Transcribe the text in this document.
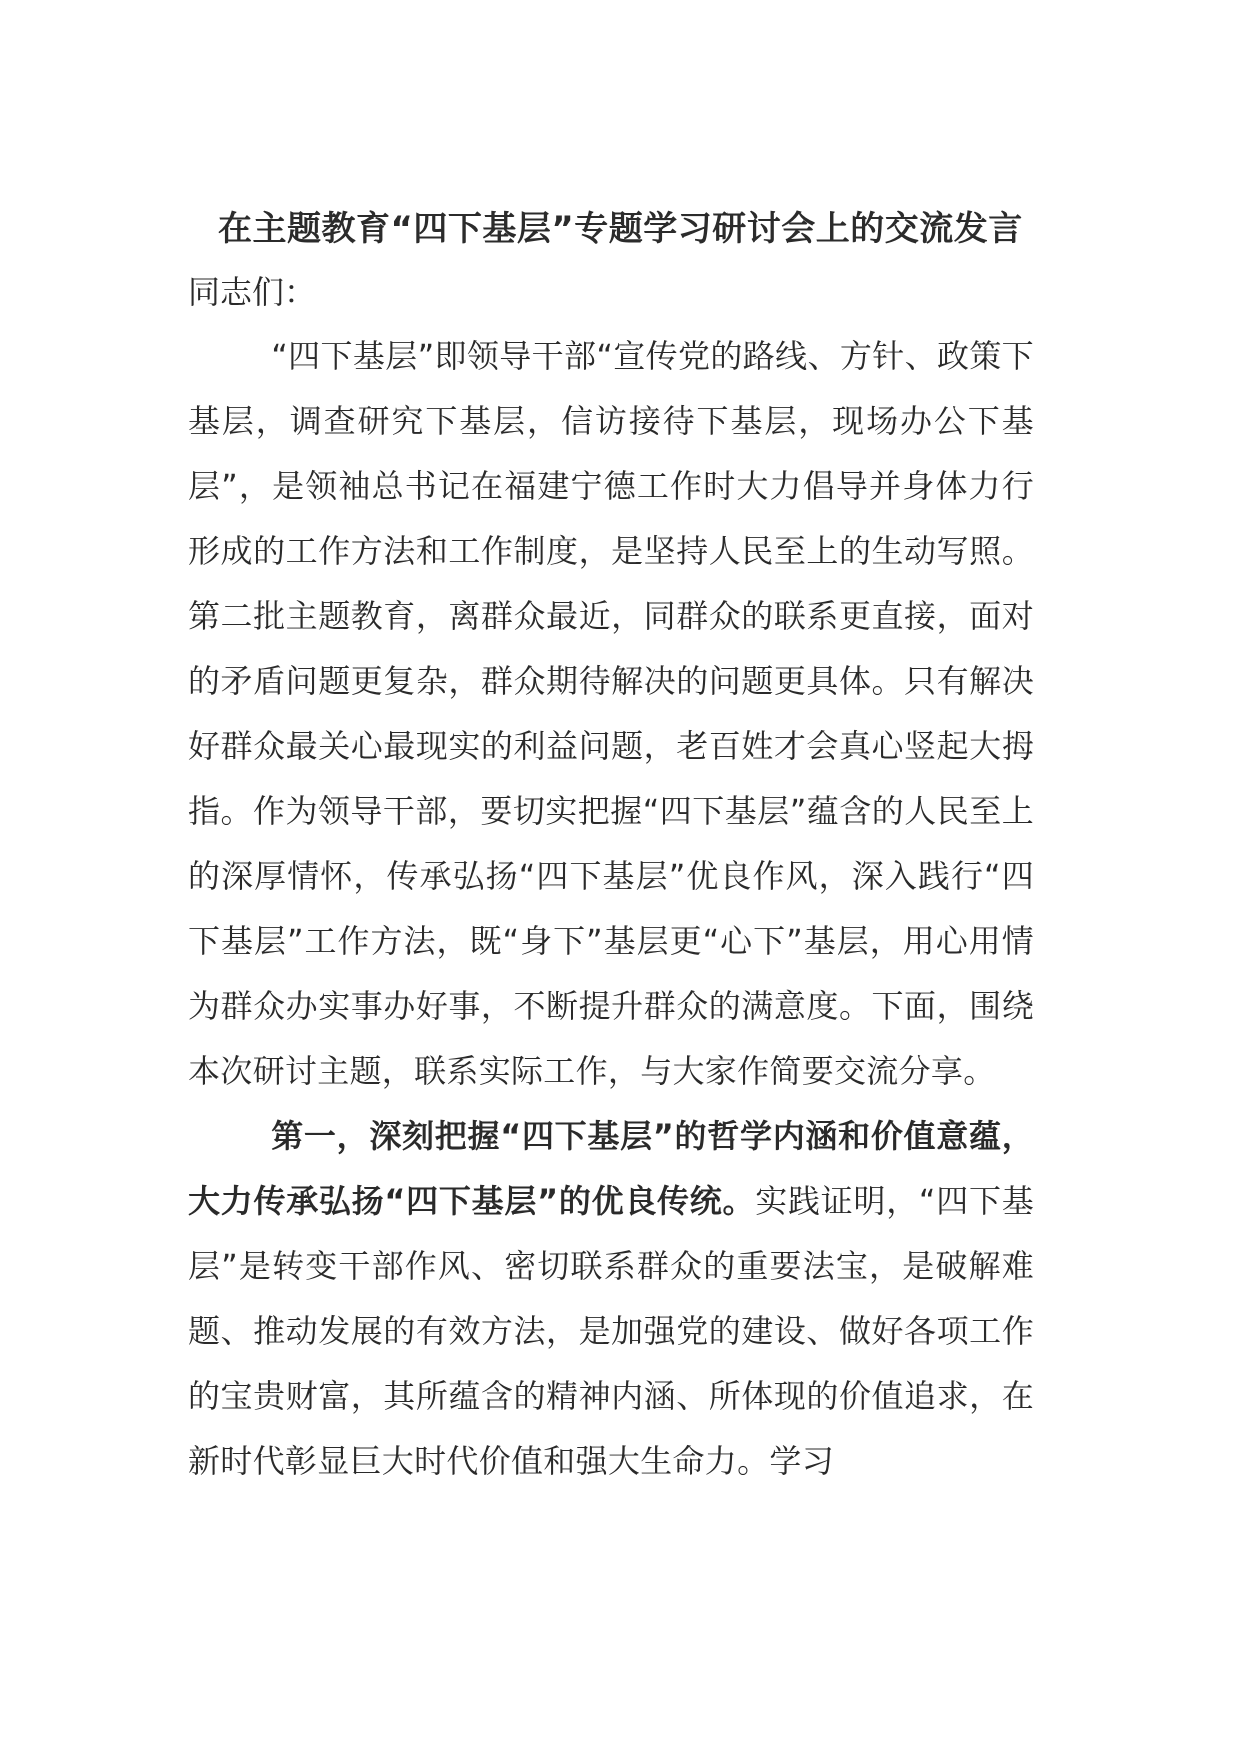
在主题教育“四下基层”专题学习研讨会上的交流发言

同志们：

“四下基层”即领导干部“宣传党的路线、方针、政策下基层，调查研究下基层，信访接待下基层，现场办公下基层”，是领袖总书记在福建宁德工作时大力倡导并身体力行形成的工作方法和工作制度，是坚持人民至上的生动写照。第二批主题教育，离群众最近，同群众的联系更直接，面对的矛盾问题更复杂，群众期待解决的问题更具体。只有解决好群众最关心最现实的利益问题，老百姓才会真心竖起大拇指。作为领导干部，要切实把握“四下基层”蕴含的人民至上的深厚情怀，传承弘扬“四下基层”优良作风，深入践行“四下基层”工作方法，既“身下”基层更“心下”基层，用心用情为群众办实事办好事，不断提升群众的满意度。下面，围绕本次研讨主题，联系实际工作，与大家作简要交流分享。

第一，深刻把握“四下基层”的哲学内涵和价值意蕴，大力传承弘扬“四下基层”的优良传统。实践证明，“四下基层”是转变干部作风、密切联系群众的重要法宝，是破解难题、推动发展的有效方法，是加强党的建设、做好各项工作的宝贵财富，其所蕴含的精神内涵、所体现的价值追求，在新时代彰显巨大时代价值和强大生命力。学习
